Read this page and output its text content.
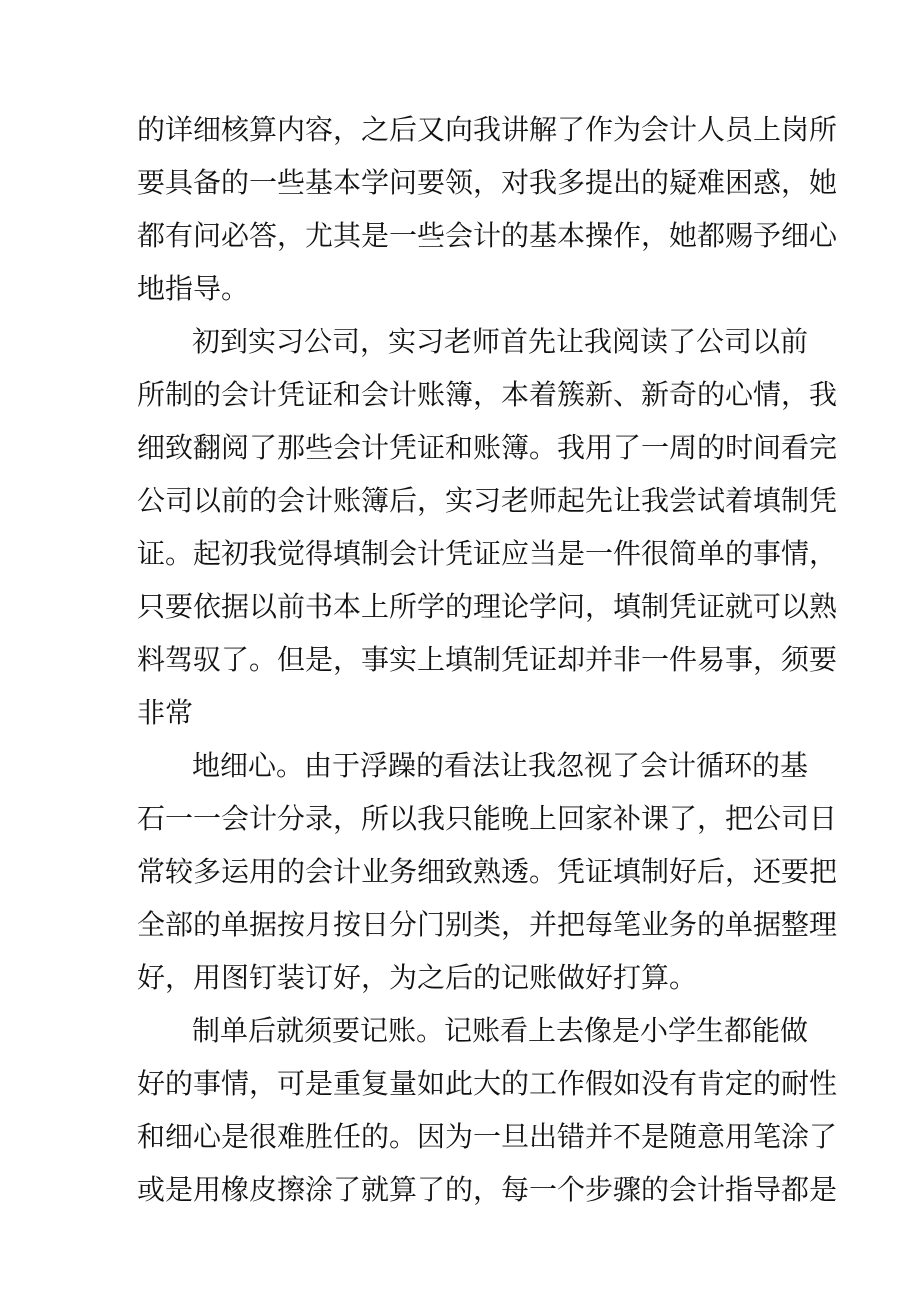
的详细核算内容，之后又向我讲解了作为会计人员上岗所
要具备的一些基本学问要领，对我多提出的疑难困惑，她
都有问必答，尤其是一些会计的基本操作，她都赐予细心
地指导。
初到实习公司，实习老师首先让我阅读了公司以前
所制的会计凭证和会计账簿，本着簇新、新奇的心情，我
细致翻阅了那些会计凭证和账簿。我用了一周的时间看完
公司以前的会计账簿后，实习老师起先让我尝试着填制凭
证。起初我觉得填制会计凭证应当是一件很简单的事情，
只要依据以前书本上所学的理论学问，填制凭证就可以熟
料驾驭了。但是，事实上填制凭证却并非一件易事，须要
非常
地细心。由于浮躁的看法让我忽视了会计循环的基
石一一会计分录，所以我只能晚上回家补课了，把公司日
常较多运用的会计业务细致熟透。凭证填制好后，还要把
全部的单据按月按日分门别类，并把每笔业务的单据整理
好，用图钉装订好，为之后的记账做好打算。
制单后就须要记账。记账看上去像是小学生都能做
好的事情，可是重复量如此大的工作假如没有肯定的耐性
和细心是很难胜任的。因为一旦出错并不是随意用笔涂了
或是用橡皮擦涂了就算了的，每一个步骤的会计指导都是
